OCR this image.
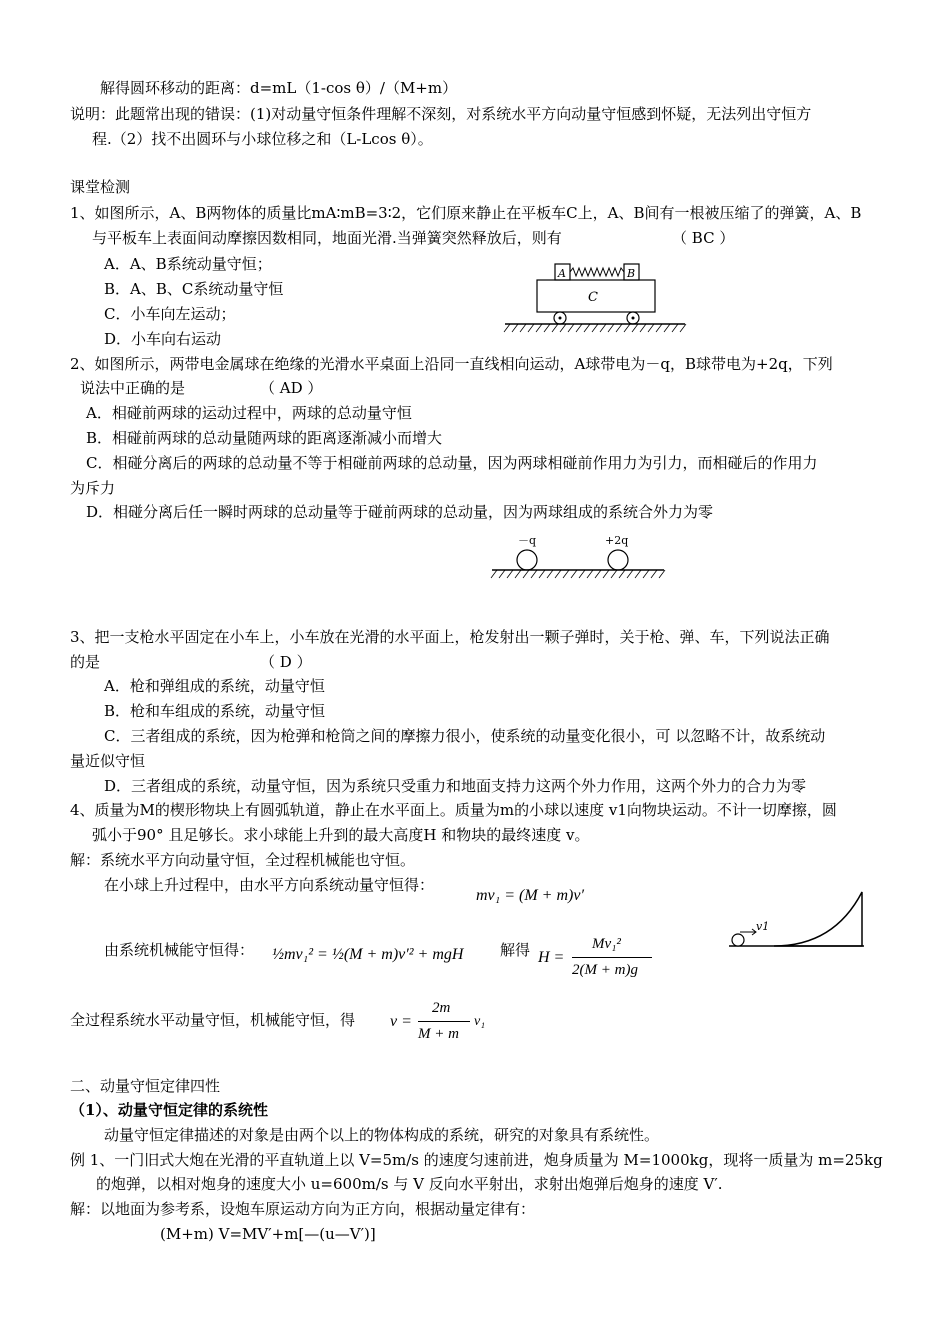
解得圆环移动的距离：d=mL（1-cos θ）/（M+m）
说明：此题常出现的错误：(1)对动量守恒条件理解不深刻，对系统水平方向动量守恒感到怀疑，无法列出守恒方
程.（2）找不出圆环与小球位移之和（L-Lcos θ）。
课堂检测
1、如图所示，A、B两物体的质量比mA∶mB=3∶2，它们原来静止在平板车C上，A、B间有一根被压缩了的弹簧，A、B
与平板车上表面间动摩擦因数相同，地面光滑.当弹簧突然释放后，则有	（ BC ）
A．A、B系统动量守恒；
B．A、B、C系统动量守恒
C．小车向左运动；
D．小车向右运动
A	B
C
2、如图所示，两带电金属球在绝缘的光滑水平桌面上沿同一直线相向运动，A球带电为－q，B球带电为+2q，下列
说法中正确的是	（ AD ）
A．相碰前两球的运动过程中，两球的总动量守恒
B．相碰前两球的总动量随两球的距离逐渐减小而增大
C．相碰分离后的两球的总动量不等于相碰前两球的总动量，因为两球相碰前作用力为引力，而相碰后的作用力
为斥力
D．相碰分离后任一瞬时两球的总动量等于碰前两球的总动量，因为两球组成的系统合外力为零
－q	+2q
3、把一支枪水平固定在小车上，小车放在光滑的水平面上，枪发射出一颗子弹时，关于枪、弹、车，下列说法正确
的是	（ D ）
A．枪和弹组成的系统，动量守恒
B．枪和车组成的系统，动量守恒
C．三者组成的系统，因为枪弹和枪筒之间的摩擦力很小，使系统的动量变化很小，可 以忽略不计，故系统动
量近似守恒
D．三者组成的系统，动量守恒，因为系统只受重力和地面支持力这两个外力作用，这两个外力的合力为零
4、质量为M的楔形物块上有圆弧轨道，静止在水平面上。质量为m的小球以速度 v1向物块运动。不计一切摩擦，圆
弧小于90° 且足够长。求小球能上升到的最大高度H 和物块的最终速度 v。
解：系统水平方向动量守恒，全过程机械能也守恒。
在小球上升过程中，由水平方向系统动量守恒得：
mv₁ = (M + m)v′
由系统机械能守恒得： ½mv₁² = ½(M + m)v′² + mgH 解得 H =
Mv₁²
2(M + m)g
v1
全过程系统水平动量守恒，机械能守恒，得 v =
2m
M + m
v₁
二、动量守恒定律四性
（1）、动量守恒定律的系统性
动量守恒定律描述的对象是由两个以上的物体构成的系统，研究的对象具有系统性。
例 1、一门旧式大炮在光滑的平直轨道上以 V=5m/s 的速度匀速前进，炮身质量为 M=1000kg，现将一质量为 m=25kg
的炮弹，以相对炮身的速度大小 u=600m/s 与 V 反向水平射出，求射出炮弹后炮身的速度 V′.
解：以地面为参考系，设炮车原运动方向为正方向，根据动量定律有：
(M+m) V=MV′+m[—(u—V′)]
